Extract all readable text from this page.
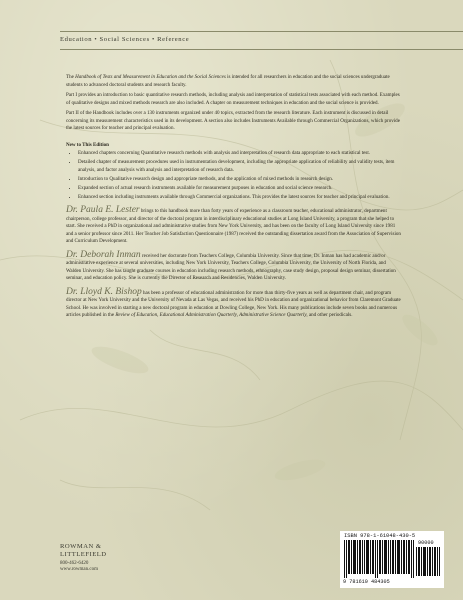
Education • Social Sciences • Reference

The Handbook of Tests and Measurement in Education and the Social Sciences is intended for all researchers in education and the social sciences undergraduate students to advanced doctoral students and research faculty.

Part I provides an introduction to basic quantitative research methods, including analysis and interpretation of statistical tests associated with each method. Examples of qualitative designs and mixed methods research are also included. A chapter on measurement techniques in education and the social science is provided.

Part II of the Handbook includes over a 130 instruments organized under 40 topics, extracted from the research literature. Each instrument is discussed in detail concerning its measurement characteristics used in its development. A section also includes Instruments Available through Commercial Organizations, which provide the latest sources for teacher and principal evaluation.

New to This Edition
• Enhanced chapters concerning Quantitative research methods with analysis and interpretation of research data appropriate to each statistical test.
• Detailed chapter of measurement procedures used in instrumentation development, including the appropriate application of reliability and validity tests, item analysis, and factor analysis with analysis and interpretation of research data.
• Introduction to Qualitative research design and appropriate methods, and the application of mixed methods in research design.
• Expanded section of actual research instruments available for measurement purposes in education and social science research.
• Enhanced section including instruments available through Commercial organizations. This provides the latest sources for teacher and principal evaluation.
Dr. Paula E. Lester brings to this handbook more than forty years of experience as a classroom teacher, educational administrator, department chairperson, college professor, and director of the doctoral program in interdisciplinary educational studies at Long Island University, a program that she helped to start. She received a PhD in organizational and administrative studies from New York University, and has been on the faculty of Long Island University since 1981 and a senior professor since 2011. Her Teacher Job Satisfaction Questionnaire (1987) received the outstanding dissertation award from the Association of Supervision and Curriculum Development.
Dr. Deborah Inman received her doctorate from Teachers College, Columbia University. Since that time, Dr. Inman has had academic and/or administrative experience at several universities, including New York University, Teachers College, Columbia University, the University of North Florida, and Walden University. She has taught graduate courses in education including research methods, ethnography, case study design, proposal design seminar, dissertation seminar, and education policy. She is currently the Director of Research and Residencies, Walden University.
Dr. Lloyd K. Bishop has been a professor of educational administration for more than thirty-five years as well as department chair, and program director at New York University and the University of Nevada at Las Vegas, and received his PhD in education and organizational behavior from Claremont Graduate School. He was involved in starting a new doctoral program in education at Dowling College, New York. His many publications include seven books and numerous articles published in the Review of Education, Educational Administration Quarterly, Administrative Science Quarterly, and other periodicals.
ROWMAN &
LITTLEFIELD
800-462-6420
www.rowman.com
ISBN 978-1-61048-430-5
90000
9 781610 484305
